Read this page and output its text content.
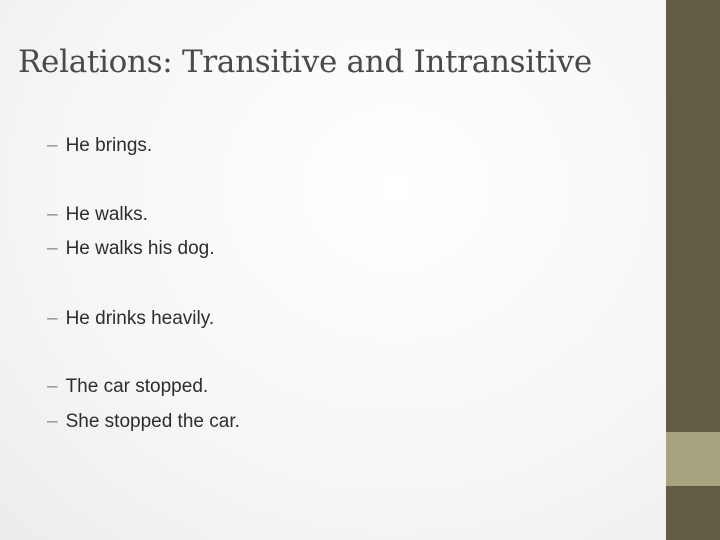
Relations: Transitive and Intransitive
– He brings.
– He walks.
– He walks his dog.
– He drinks heavily.
– The car stopped.
– She stopped the car.
